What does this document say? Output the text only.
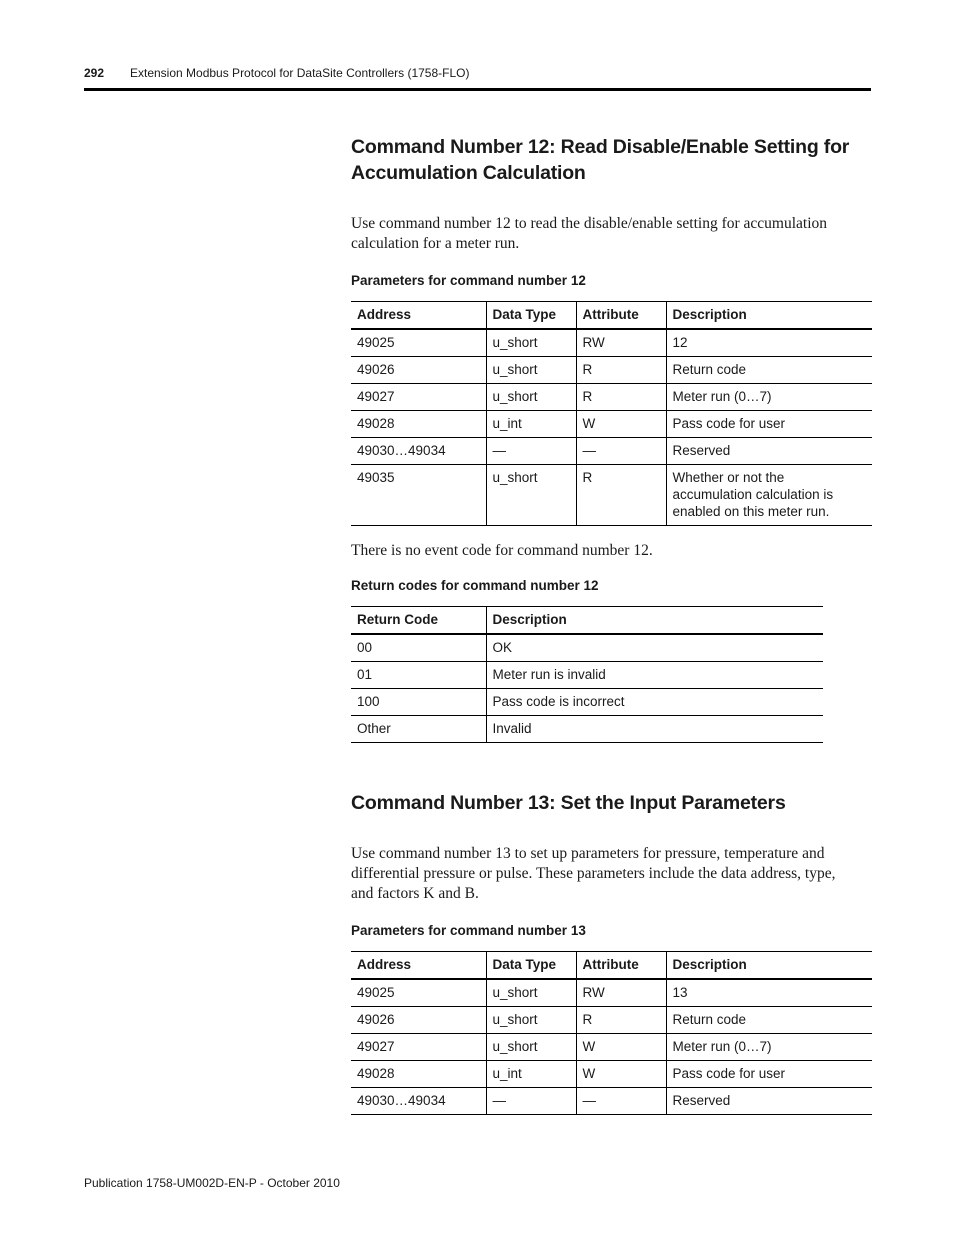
292 Extension Modbus Protocol for DataSite Controllers (1758-FLO)
Command Number 12: Read Disable/Enable Setting for
Accumulation Calculation
Use command number 12 to read the disable/enable setting for accumulation
calculation for a meter run.
Parameters for command number 12
Address	Data Type	Attribute	Description
49025	u_short	RW	12
49026	u_short	R	Return code
49027	u_short	R	Meter run (0…7)
49028	u_int	W	Pass code for user
49030…49034	—	—	Reserved
49035	u_short	R	Whether or not the accumulation calculation is enabled on this meter run.
There is no event code for command number 12.
Return codes for command number 12
Return Code	Description
00	OK
01	Meter run is invalid
100	Pass code is incorrect
Other	Invalid
Command Number 13: Set the Input Parameters
Use command number 13 to set up parameters for pressure, temperature and
differential pressure or pulse. These parameters include the data address, type,
and factors K and B.
Parameters for command number 13
Address	Data Type	Attribute	Description
49025	u_short	RW	13
49026	u_short	R	Return code
49027	u_short	W	Meter run (0…7)
49028	u_int	W	Pass code for user
49030…49034	—	—	Reserved
Publication 1758-UM002D-EN-P - October 2010
